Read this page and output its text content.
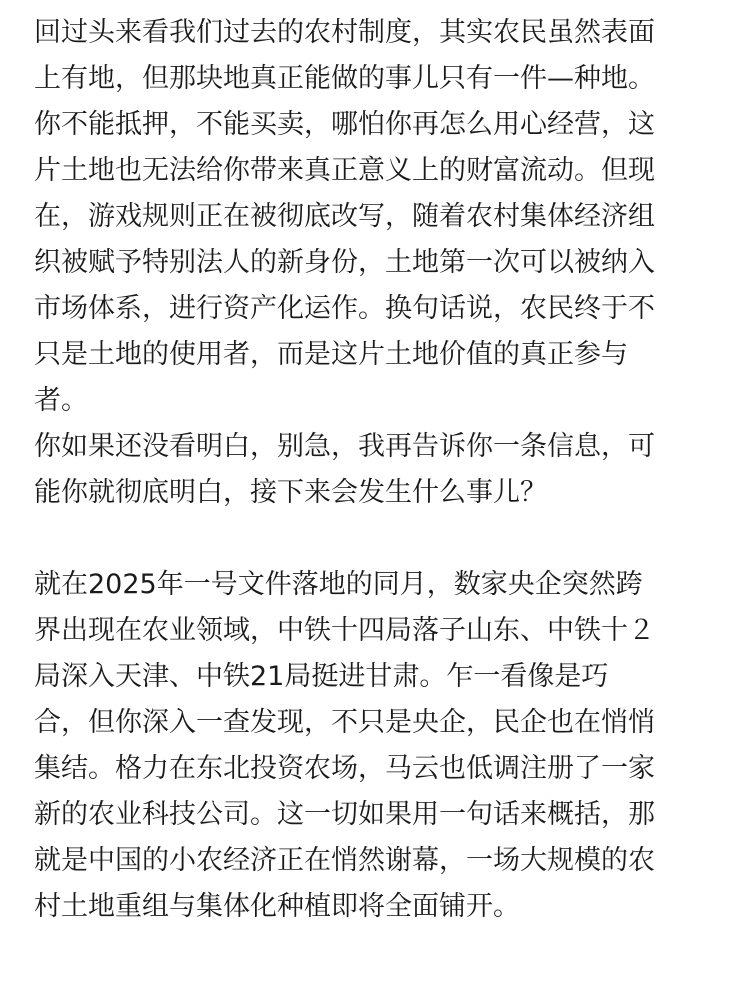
回过头来看我们过去的农村制度，其实农民虽然表面
上有地，但那块地真正能做的事儿只有一件—种地。
你不能抵押，不能买卖，哪怕你再怎么用心经营，这
片土地也无法给你带来真正意义上的财富流动。但现
在，游戏规则正在被彻底改写，随着农村集体经济组
织被赋予特别法人的新身份，土地第一次可以被纳入
市场体系，进行资产化运作。换句话说，农民终于不
只是土地的使用者，而是这片土地价值的真正参与
者。
你如果还没看明白，别急，我再告诉你一条信息，可
能你就彻底明白，接下来会发生什么事儿？
就在2025年一号文件落地的同月，数家央企突然跨
界出现在农业领域，中铁十四局落子山东、中铁十２
局深入天津、中铁21局挺进甘肃。乍一看像是巧
合，但你深入一查发现，不只是央企，民企也在悄悄
集结。格力在东北投资农场，马云也低调注册了一家
新的农业科技公司。这一切如果用一句话来概括，那
就是中国的小农经济正在悄然谢幕，一场大规模的农
村土地重组与集体化种植即将全面铺开。
